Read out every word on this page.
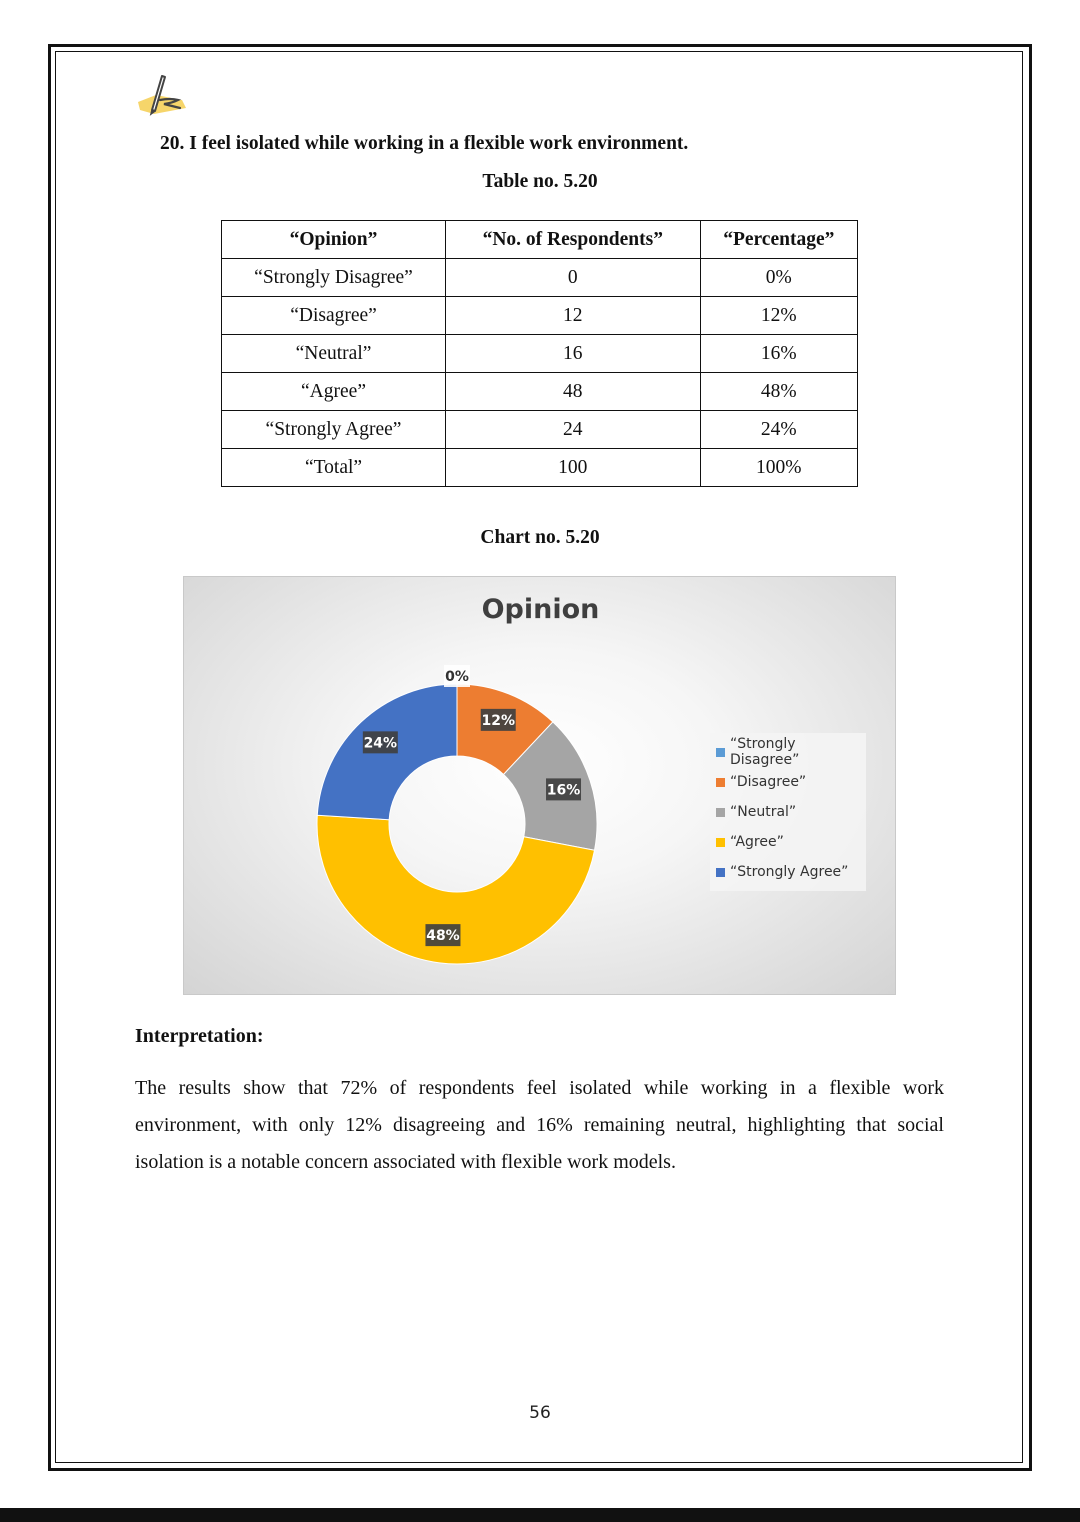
20. I feel isolated while working in a flexible work environment.

Table no. 5.20

“Opinion”	“No. of Respondents”	“Percentage”
“Strongly Disagree”	0	0%
“Disagree”	12	12%
“Neutral”	16	16%
“Agree”	48	48%
“Strongly Agree”	24	24%
“Total”	100	100%

Chart no. 5.20

Opinion
0%
12%
16%
48%
24%	“Strongly Disagree”
“Disagree”
“Neutral”
“Agree”
“Strongly Agree”

Interpretation:

The results show that 72% of respondents feel isolated while working in a flexible work environment, with only 12% disagreeing and 16% remaining neutral, highlighting that social isolation is a notable concern associated with flexible work models.

56
